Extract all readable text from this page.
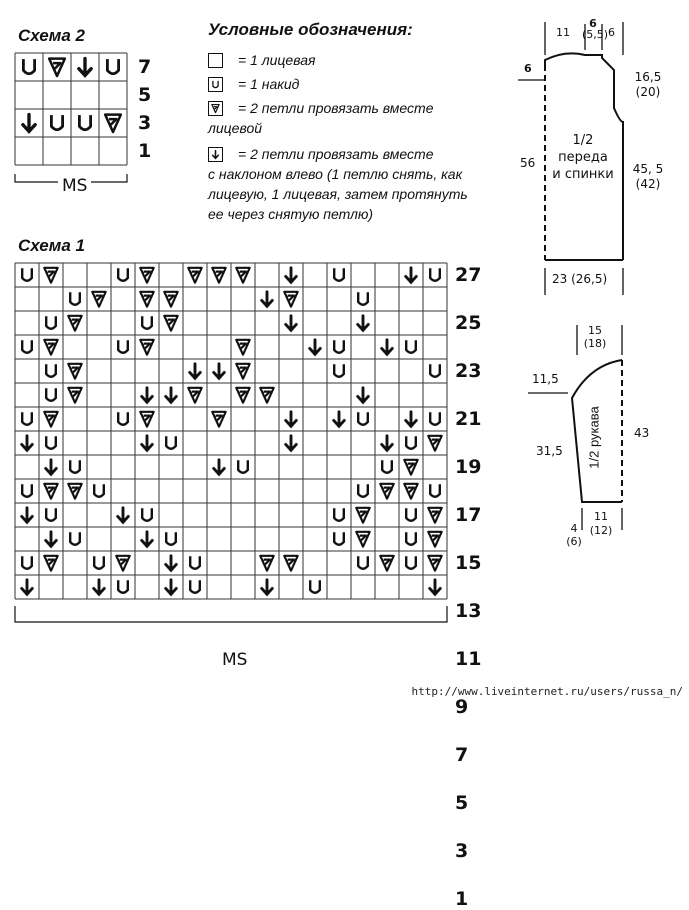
Схема 2
7
5
3
1
MS
Условные обозначения:
= 1 лицевая
= 1 накид
= 2 петли провязать вместе
лицевой
= 2 петли провязать вместе
с наклоном влево (1 петлю снять, как
лицевую, 1 лицевая, затем протянуть
ее через снятую петлю)
Схема 1
27
25
23
21
19
17
15
13
11
9
7
5
3
1
MS
11
6
(5,5) 6
6
16,5
(20)
56
1/2
переда
и спинки	45, 5
(42)
23 (26,5)
15
(18)
11,5
31,5 1/2 рукава	43
4
(6)
11
(12)
http://www.liveinternet.ru/users/russa_n/
